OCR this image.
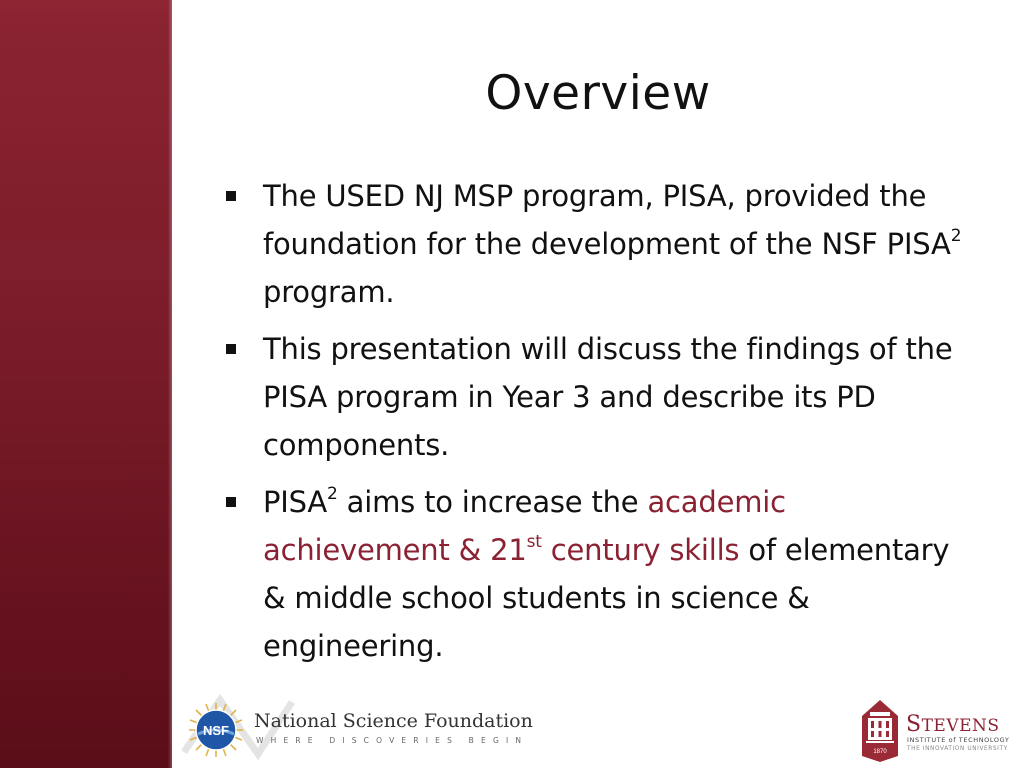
Overview
The USED NJ MSP program, PISA, provided the foundation for the development of the NSF PISA$^2$ program.
This presentation will discuss the findings of the PISA program in Year 3 and describe its PD components.
PISA$^2$ aims to increase the academic achievement & 21st century skills of elementary & middle school students in science & engineering.
NSF National Science Foundation
WHERE DISCOVERIES BEGIN
1870
STEVENS
INSTITUTE of TECHNOLOGY
THE INNOVATION UNIVERSITY
